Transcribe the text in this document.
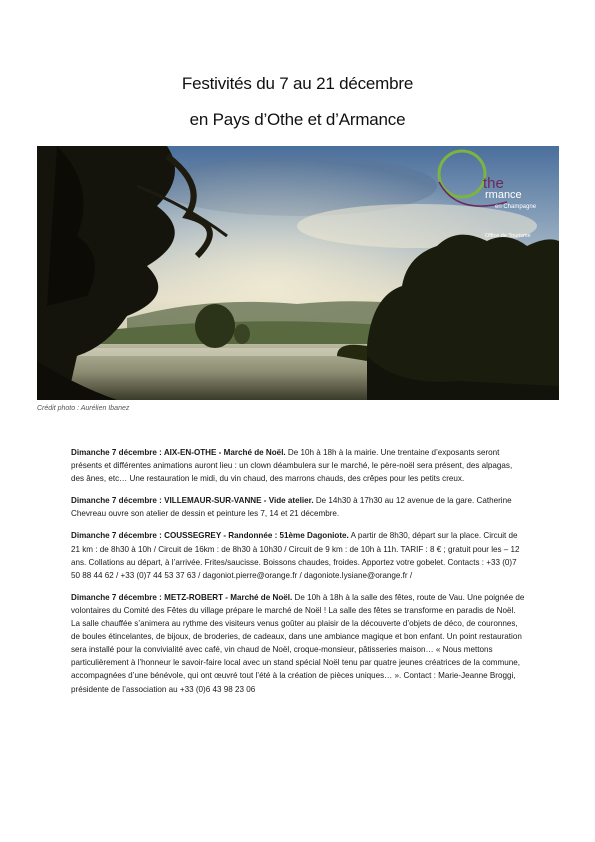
Festivités du 7 au 21 décembre
en Pays d’Othe et d’Armance
the
rmance
en Champagne
Office de Tourisme
Crédit photo : Aurélien Ibanez

Dimanche 7 décembre : AIX-EN-OTHE - Marché de Noël. De 10h à 18h à la mairie. Une trentaine d’exposants seront présents et différentes animations auront lieu : un clown déambulera sur le marché, le père-noël sera présent, des alpagas, des ânes, etc… Une restauration le midi, du vin chaud, des marrons chauds, des crêpes pour les petits creux.

Dimanche 7 décembre : VILLEMAUR-SUR-VANNE - Vide atelier. De 14h30 à 17h30 au 12 avenue de la gare. Catherine Chevreau ouvre son atelier de dessin et peinture les 7, 14 et 21 décembre.

Dimanche 7 décembre : COUSSEGREY - Randonnée : 51ème Dagoniote. A partir de 8h30, départ sur la place. Circuit de 21 km : de 8h30 à 10h / Circuit de 16km : de 8h30 à 10h30 / Circuit de 9 km : de 10h à 11h. TARIF : 8 € ; gratuit pour les – 12 ans. Collations au départ, à l’arrivée. Frites/saucisse. Boissons chaudes, froides. Apportez votre gobelet. Contacts : +33 (0)7 50 88 44 62 / +33 (0)7 44 53 37 63 / dagoniot.pierre@orange.fr / dagoniote.lysiane@orange.fr /

Dimanche 7 décembre : METZ-ROBERT - Marché de Noël. De 10h à 18h à la salle des fêtes, route de Vau. Une poignée de volontaires du Comité des Fêtes du village prépare le marché de Noël ! La salle des fêtes se transforme en paradis de Noël. La salle chauffée s’animera au rythme des visiteurs venus goûter au plaisir de la découverte d’objets de déco, de couronnes, de boules étincelantes, de bijoux, de broderies, de cadeaux, dans une ambiance magique et bon enfant. Un point restauration sera installé pour la convivialité avec café, vin chaud de Noël, croque-monsieur, pâtisseries maison… « Nous mettons particulièrement à l’honneur le savoir-faire local avec un stand spécial Noël tenu par quatre jeunes créatrices de la commune, accompagnées d’une bénévole, qui ont œuvré tout l’été à la création de pièces uniques… ». Contact : Marie-Jeanne Broggi, présidente de l’association au +33 (0)6 43 98 23 06
